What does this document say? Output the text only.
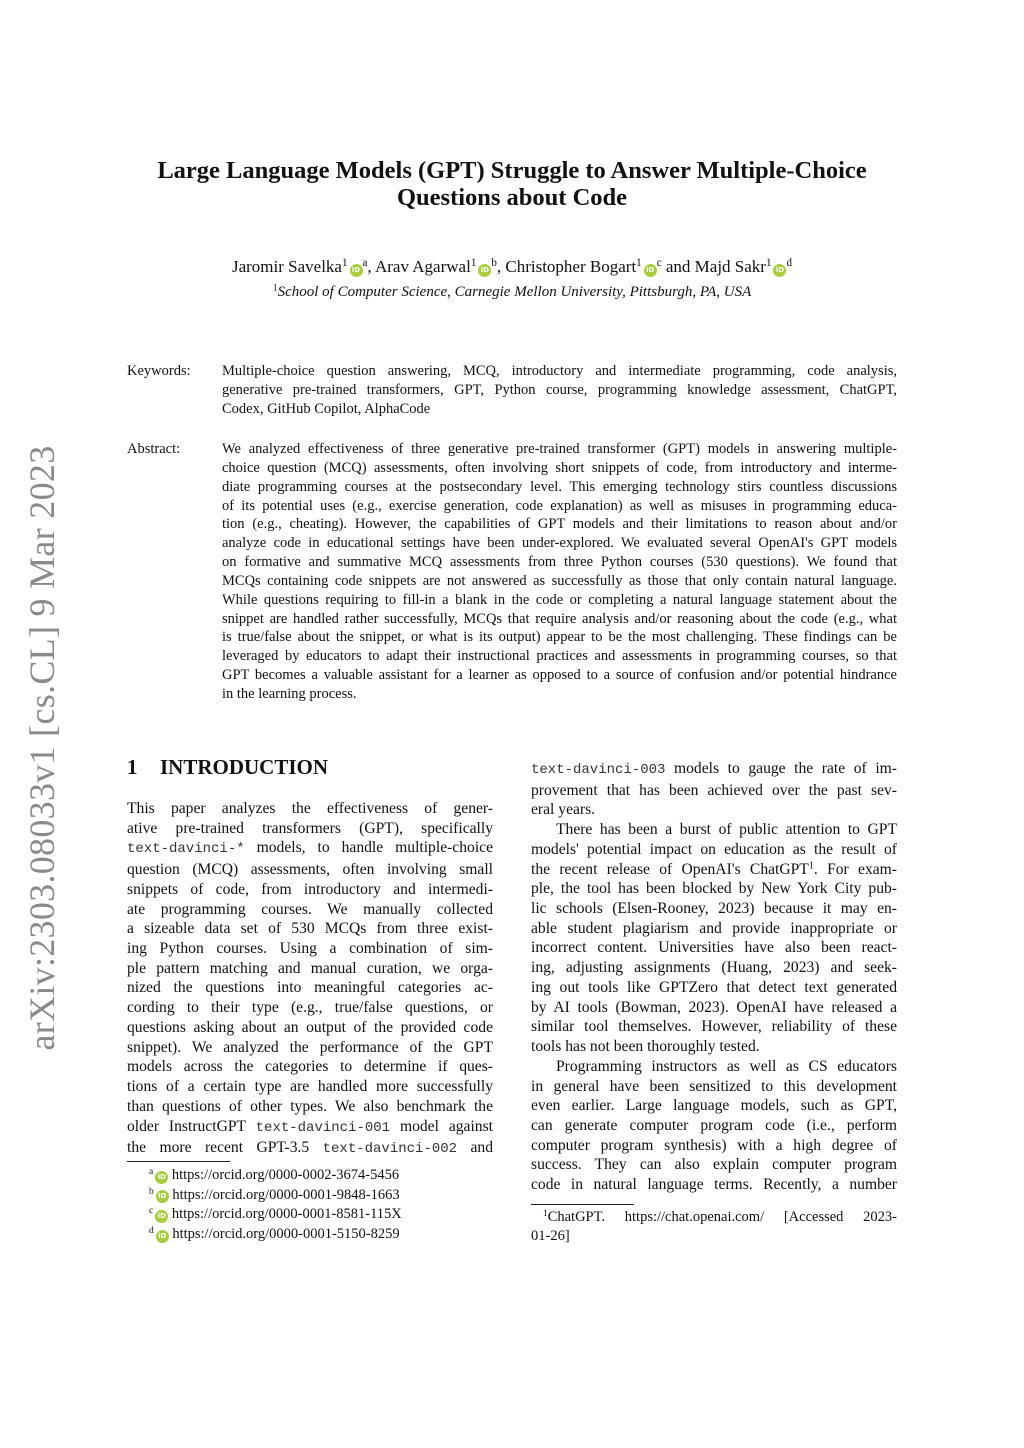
arXiv:2303.08033v1 [cs.CL] 9 Mar 2023
Large Language Models (GPT) Struggle to Answer Multiple-Choice
Questions about Code
Jaromir $Savelka^1iD^a$, Arav $Agarwal^1iD^b$, Christopher $Bogart^1iD^c$ and Majd $Sakr^1iD^d$
$^1$School of Computer Science, Carnegie Mellon University, Pittsburgh, PA, USA
Keywords: Multiple-choice question answering, MCQ, introductory and intermediate programming, code analysis,
generative pre-trained transformers, GPT, Python course, programming knowledge assessment, ChatGPT,
Codex, GitHub Copilot, AlphaCode
Abstract:	We analyzed effectiveness of three generative pre-trained transformer (GPT) models in answering multiple-
choice question (MCQ) assessments, often involving short snippets of code, from introductory and interme-
diate programming courses at the postsecondary level. This emerging technology stirs countless discussions
of its potential uses (e.g., exercise generation, code explanation) as well as misuses in programming educa-
tion (e.g., cheating). However, the capabilities of GPT models and their limitations to reason about and/or
analyze code in educational settings have been under-explored. We evaluated several OpenAI's GPT models
on formative and summative MCQ assessments from three Python courses (530 questions). We found that
MCQs containing code snippets are not answered as successfully as those that only contain natural language.
While questions requiring to fill-in a blank in the code or completing a natural language statement about the
snippet are handled rather successfully, MCQs that require analysis and/or reasoning about the code (e.g., what
is true/false about the snippet, or what is its output) appear to be the most challenging. These findings can be
leveraged by educators to adapt their instructional practices and assessments in programming courses, so that
GPT becomes a valuable assistant for a learner as opposed to a source of confusion and/or potential hindrance
in the learning process.
1 INTRODUCTION
This paper analyzes the effectiveness of gener-
ative pre-trained transformers (GPT), specifically
text-davinci-* models, to handle multiple-choice
question (MCQ) assessments, often involving small
snippets of code, from introductory and intermedi-
ate programming courses. We manually collected
a sizeable data set of 530 MCQs from three exist-
ing Python courses. Using a combination of sim-
ple pattern matching and manual curation, we orga-
nized the questions into meaningful categories ac-
cording to their type (e.g., true/false questions, or
questions asking about an output of the provided code
snippet). We analyzed the performance of the GPT
models across the categories to determine if ques-
tions of a certain type are handled more successfully
than questions of other types. We also benchmark the
older InstructGPT text-davinci-001 model against
the more recent GPT-3.5 text-davinci-002 and
text-davinci-003 models to gauge the rate of im-
provement that has been achieved over the past sev-
eral years.
There has been a burst of public attention to GPT
models' potential impact on education as the result of
the recent release of OpenAI's ChatGPT$^1$. For exam-
ple, the tool has been blocked by New York City pub-
lic schools (Elsen-Rooney, 2023) because it may en-
able student plagiarism and provide inappropriate or
incorrect content. Universities have also been react-
ing, adjusting assignments (Huang, 2023) and seek-
ing out tools like GPTZero that detect text generated
by AI tools (Bowman, 2023). OpenAI have released a
similar tool themselves. However, reliability of these
tools has not been thoroughly tested.
Programming instructors as well as CS educators
in general have been sensitized to this development
even earlier. Large language models, such as GPT,
can generate computer program code (i.e., perform
computer program synthesis) with a high degree of
success. They can also explain computer program
code in natural language terms. Recently, a number
$^a$ iD https://orcid.org/0000-0002-3674-5456
$^b$ iD https://orcid.org/0000-0001-9848-1663
$^c$ iD https://orcid.org/0000-0001-8581-115X
$^d$ iD https://orcid.org/0000-0001-5150-8259
$^1$ChatGPT. https://chat.openai.com/ [Accessed 2023-
01-26]
